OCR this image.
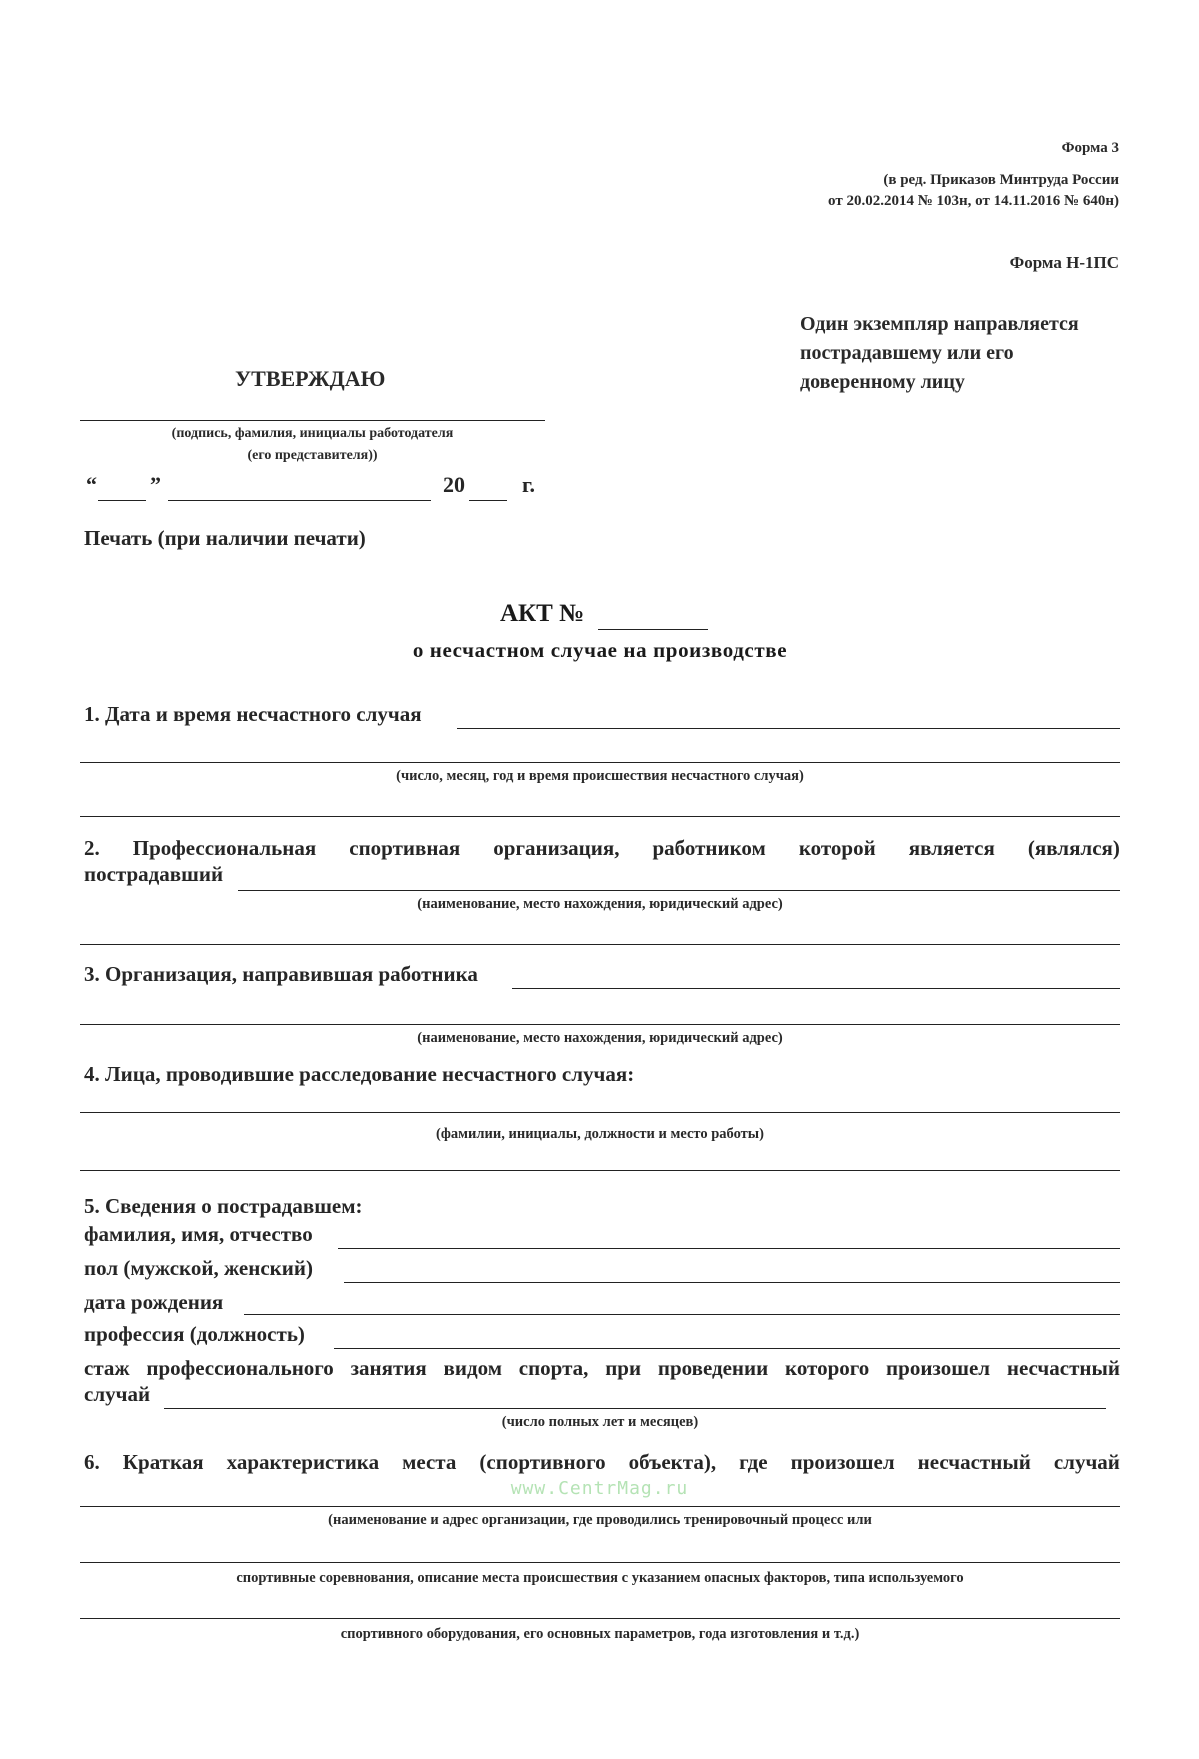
Форма 3
(в ред. Приказов Минтруда России
от 20.02.2014 № 103н, от 14.11.2016 № 640н)
Форма Н-1ПС
Один экземпляр направляется
пострадавшему или его
доверенному лицу
УТВЕРЖДАЮ
(подпись, фамилия, инициалы работодателя
(его представителя))
“ ”	20	г.
Печать (при наличии печати)
АКТ №
о несчастном случае на производстве
1. Дата и время несчастного случая
(число, месяц, год и время происшествия несчастного случая)
2. Профессиональная спортивная организация, работником которой является (являлся)
пострадавший
(наименование, место нахождения, юридический адрес)
3. Организация, направившая работника
(наименование, место нахождения, юридический адрес)
4. Лица, проводившие расследование несчастного случая:
(фамилии, инициалы, должности и место работы)
5. Сведения о пострадавшем:
фамилия, имя, отчество
пол (мужской, женский)
дата рождения
профессия (должность)
стаж профессионального занятия видом спорта, при проведении которого произошел несчастный
случай
(число полных лет и месяцев)
6. Краткая характеристика места (спортивного объекта), где произошел несчастный случай
www.CentrMag.ru
(наименование и адрес организации, где проводились тренировочный процесс или
спортивные соревнования, описание места происшествия с указанием опасных факторов, типа используемого
спортивного оборудования, его основных параметров, года изготовления и т.д.)
